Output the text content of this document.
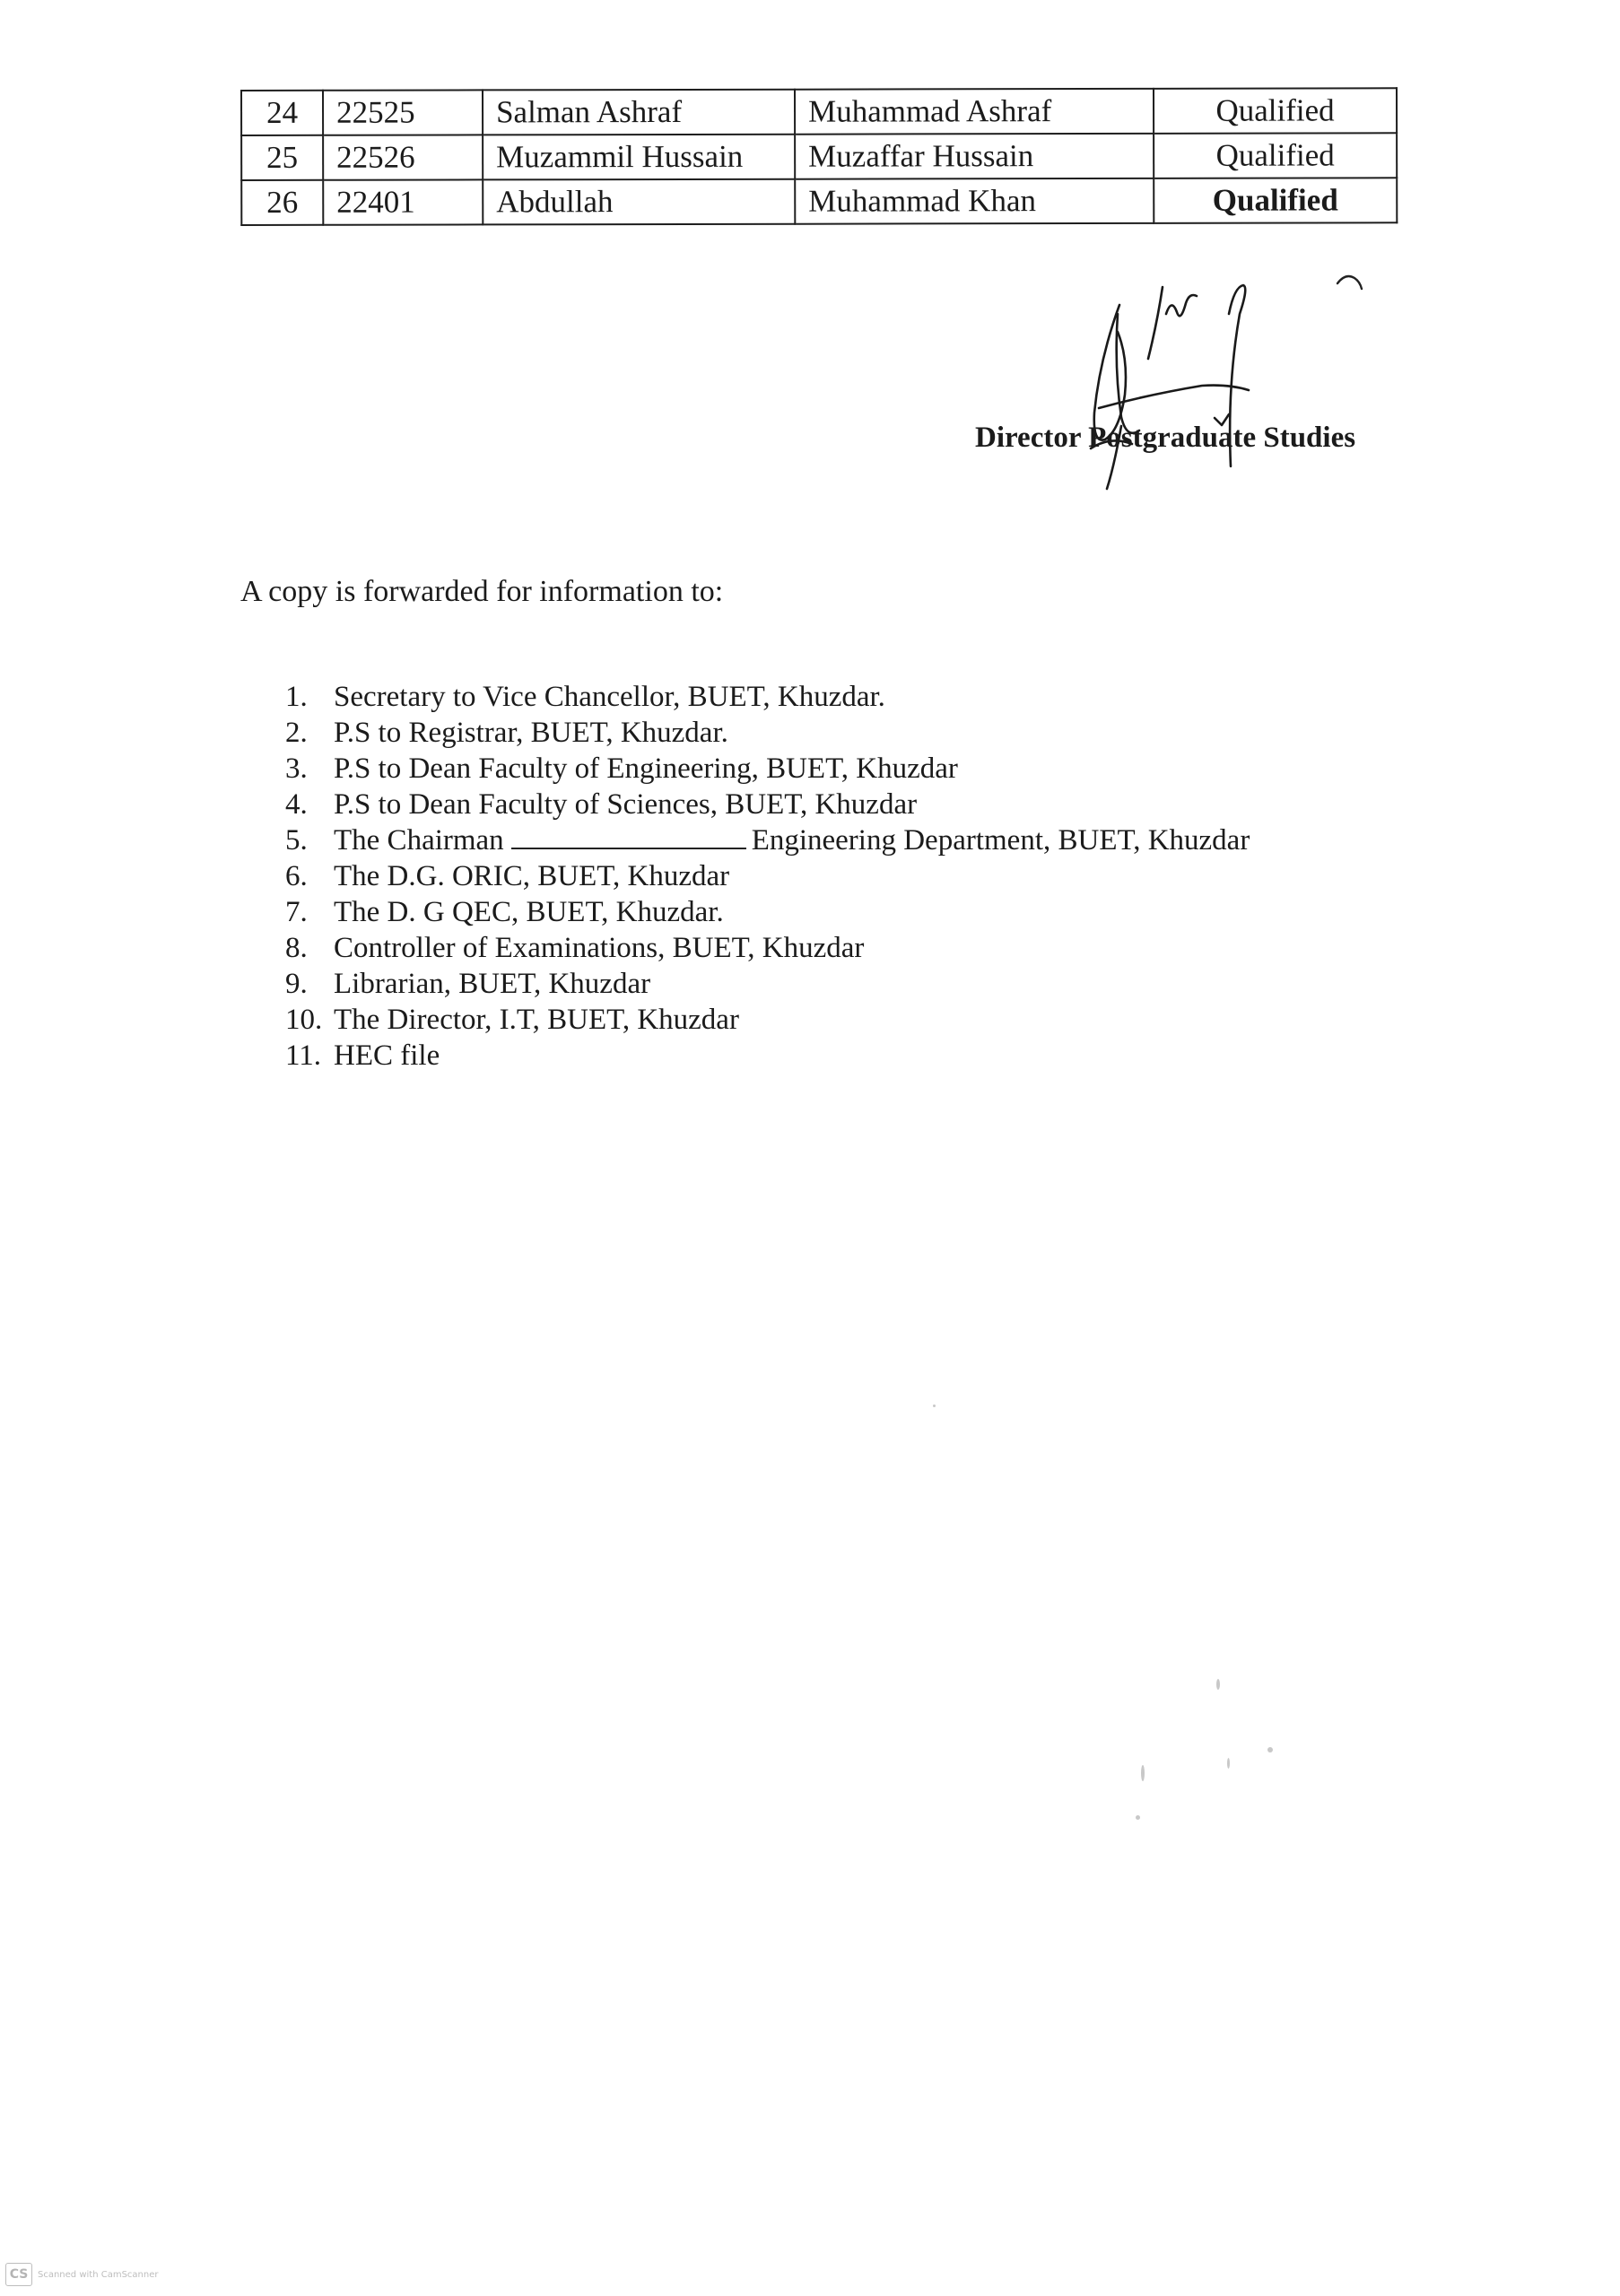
24	22525	Salman Ashraf	Muhammad Ashraf	Qualified
25	22526	Muzammil Hussain	Muzaffar Hussain	Qualified
26	22401	Abdullah	Muhammad Khan	Qualified
Director Postgraduate Studies
A copy is forwarded for information to:
1. Secretary to Vice Chancellor, BUET, Khuzdar.
2. P.S to Registrar, BUET, Khuzdar.
3. P.S to Dean Faculty of Engineering, BUET, Khuzdar
4. P.S to Dean Faculty of Sciences, BUET, Khuzdar
5. The Chairman	Engineering Department, BUET, Khuzdar
6. The D.G. ORIC, BUET, Khuzdar
7. The D. G QEC, BUET, Khuzdar.
8. Controller of Examinations, BUET, Khuzdar
9. Librarian, BUET, Khuzdar
10. The Director, I.T, BUET, Khuzdar
11. HEC file
CS	Scanned with CamScanner
